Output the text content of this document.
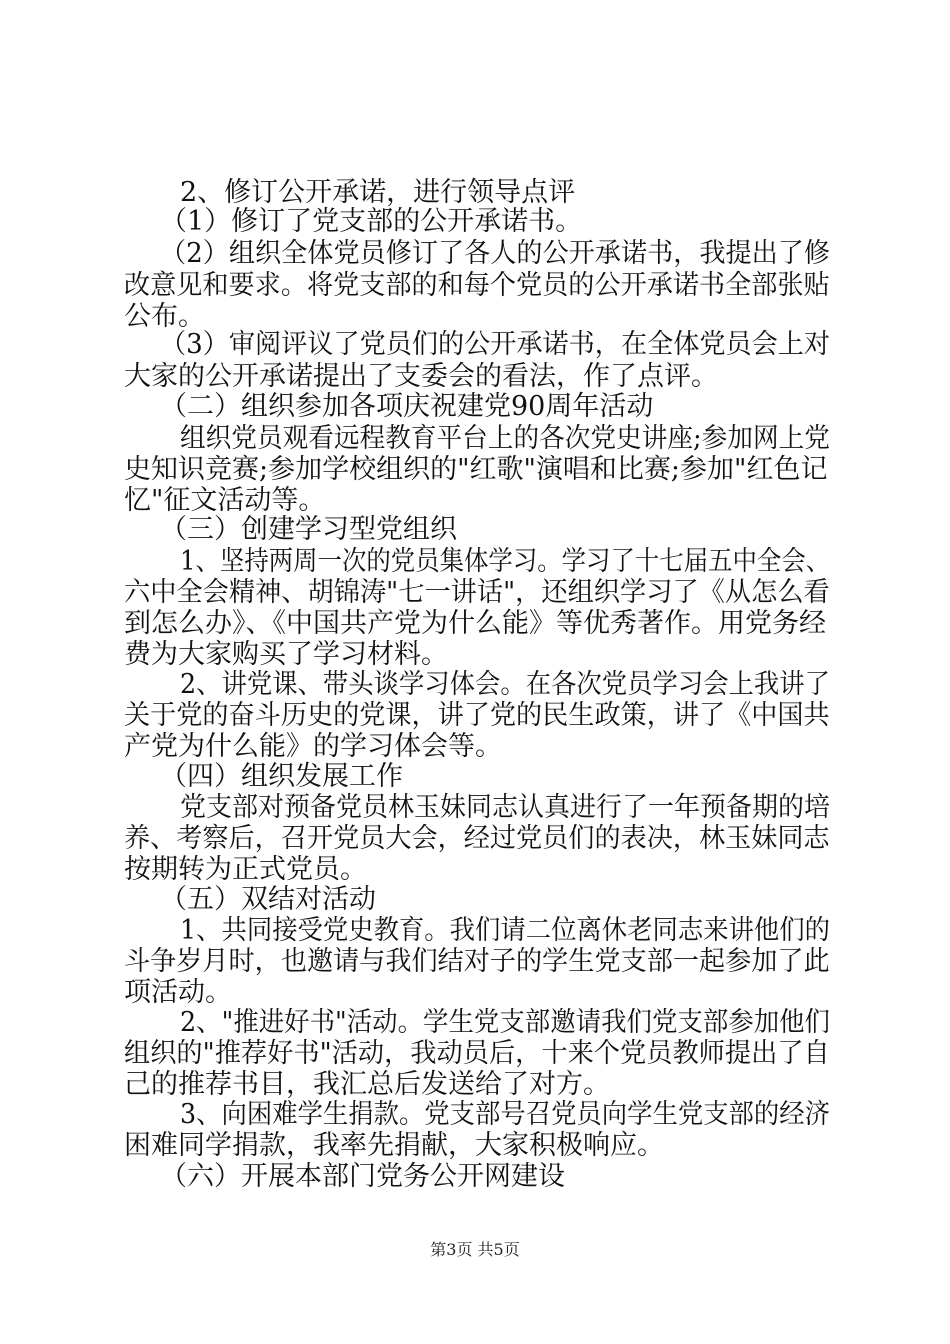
2、修订公开承诺，进行领导点评
（1）修订了党支部的公开承诺书。
（2）组织全体党员修订了各人的公开承诺书，我提出了修
改意见和要求。将党支部的和每个党员的公开承诺书全部张贴
公布。
（3）审阅评议了党员们的公开承诺书，在全体党员会上对
大家的公开承诺提出了支委会的看法，作了点评。
（二）组织参加各项庆祝建党90周年活动
组织党员观看远程教育平台上的各次党史讲座;参加网上党
史知识竞赛;参加学校组织的"红歌"演唱和比赛;参加"红色记
忆"征文活动等。
（三）创建学习型党组织
1、坚持两周一次的党员集体学习。学习了十七届五中全会、
六中全会精神、胡锦涛"七一讲话"，还组织学习了《从怎么看
到怎么办》、《中国共产党为什么能》等优秀著作。用党务经
费为大家购买了学习材料。
2、讲党课、带头谈学习体会。在各次党员学习会上我讲了
关于党的奋斗历史的党课，讲了党的民生政策，讲了《中国共
产党为什么能》的学习体会等。
（四）组织发展工作
党支部对预备党员林玉妹同志认真进行了一年预备期的培
养、考察后，召开党员大会，经过党员们的表决，林玉妹同志
按期转为正式党员。
（五）双结对活动
1、共同接受党史教育。我们请二位离休老同志来讲他们的
斗争岁月时，也邀请与我们结对子的学生党支部一起参加了此
项活动。
2、"推进好书"活动。学生党支部邀请我们党支部参加他们
组织的"推荐好书"活动，我动员后，十来个党员教师提出了自
己的推荐书目，我汇总后发送给了对方。
3、向困难学生捐款。党支部号召党员向学生党支部的经济
困难同学捐款，我率先捐献，大家积极响应。
（六）开展本部门党务公开网建设
第3页 共5页
